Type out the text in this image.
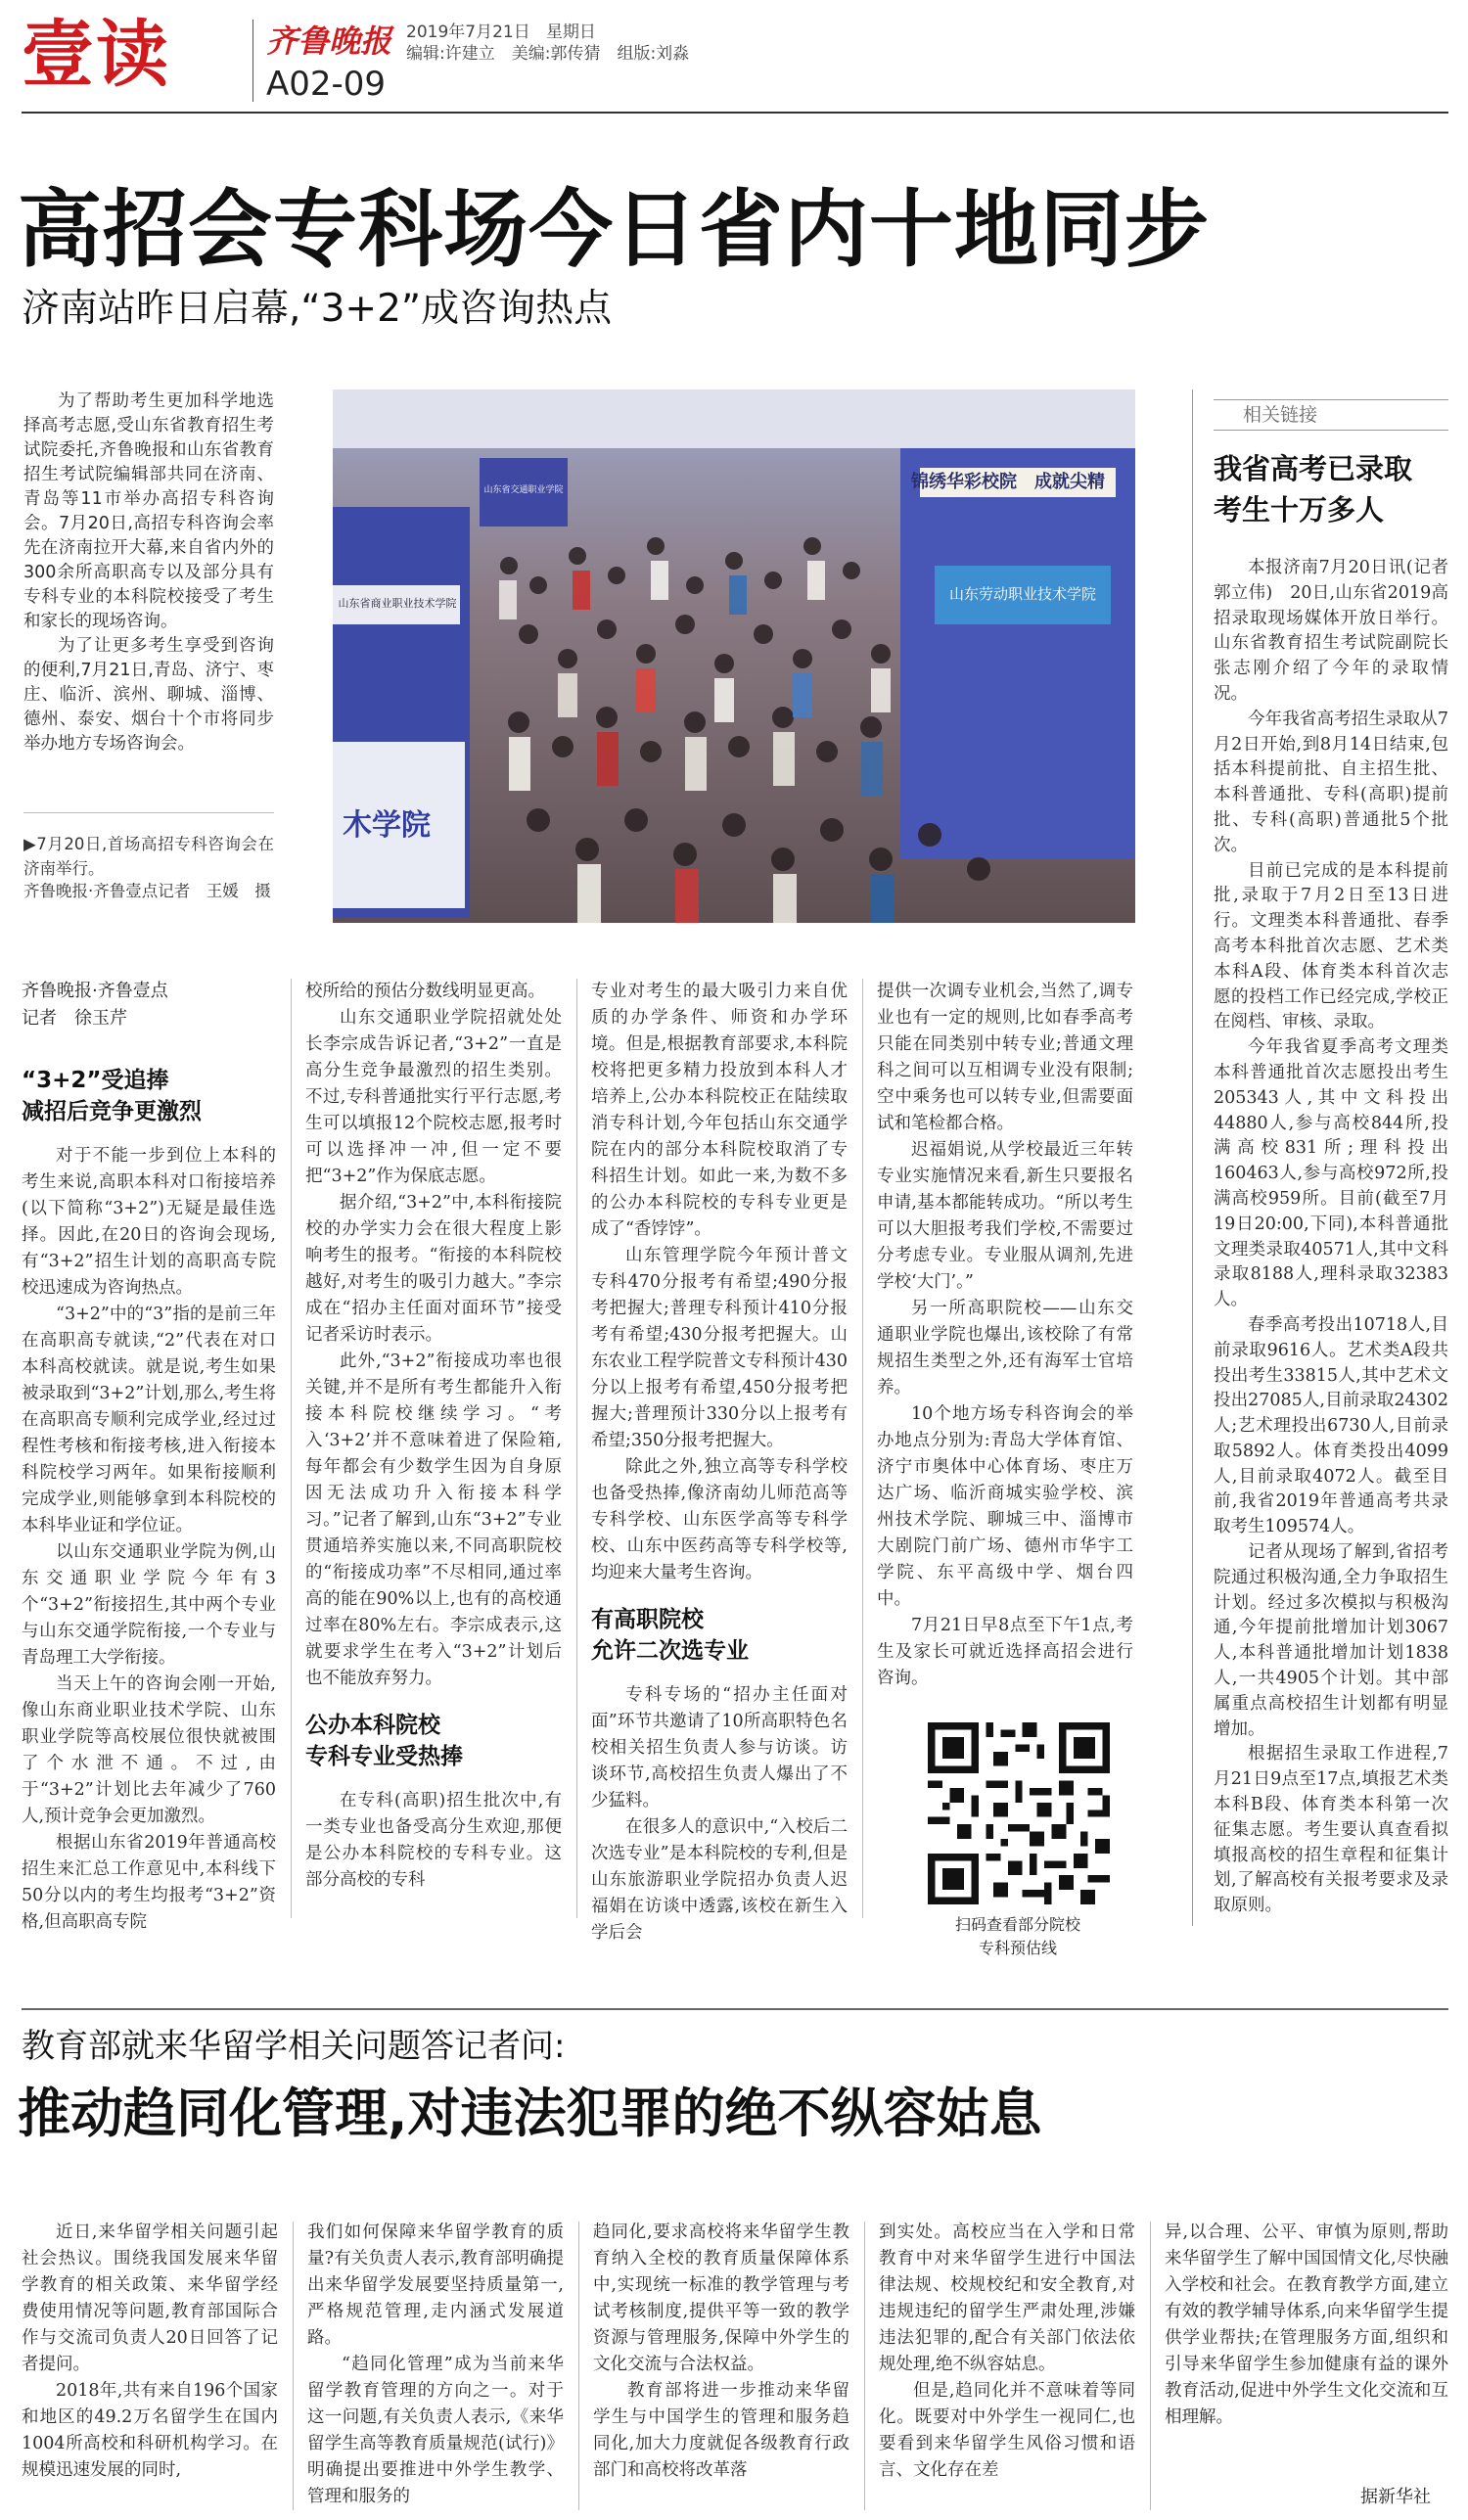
壹读	齐鲁晚报
A02-09
2019年7月21日 星期日
编辑:许建立　美编:郭传猜　组版:刘淼
高招会专科场今日省内十地同步
济南站昨日启幕,“3+2”成咨询热点

为了帮助考生更加科学地选择高考志愿,受山东省教育招生考试院委托,齐鲁晚报和山东省教育招生考试院编辑部共同在济南、青岛等11市举办高招专科咨询会。7月20日,高招专科咨询会率先在济南拉开大幕,来自省内外的300余所高职高专以及部分具有专科专业的本科院校接受了考生和家长的现场咨询。

为了让更多考生享受到咨询的便利,7月21日,青岛、济宁、枣庄、临沂、滨州、聊城、淄博、德州、泰安、烟台十个市将同步举办地方专场咨询会。

▶7月20日,首场高招专科咨询会在济南举行。
齐鲁晚报·齐鲁壹点记者　王媛　摄
锦绣华彩校院　成就尖精
山东劳动职业技术学院
山东省商业职业技术学院
木学院
山东省交通职业学院
相关链接
我省高考已录取
考生十万多人

本报济南7月20日讯(记者　郭立伟)　20日,山东省2019高招录取现场媒体开放日举行。山东省教育招生考试院副院长张志刚介绍了今年的录取情况。

今年我省高考招生录取从7月2日开始,到8月14日结束,包括本科提前批、自主招生批、本科普通批、专科(高职)提前批、专科(高职)普通批5个批次。

目前已完成的是本科提前批,录取于7月2日至13日进行。文理类本科普通批、春季高考本科批首次志愿、艺术类本科A段、体育类本科首次志愿的投档工作已经完成,学校正在阅档、审核、录取。

今年我省夏季高考文理类本科普通批首次志愿投出考生205343人,其中文科投出44880人,参与高校844所,投满高校831所;理科投出160463人,参与高校972所,投满高校959所。目前(截至7月19日20:00,下同),本科普通批文理类录取40571人,其中文科录取8188人,理科录取32383人。

春季高考投出10718人,目前录取9616人。艺术类A段共投出考生33815人,其中艺术文投出27085人,目前录取24302人;艺术理投出6730人,目前录取5892人。体育类投出4099人,目前录取4072人。截至目前,我省2019年普通高考共录取考生109574人。

记者从现场了解到,省招考院通过积极沟通,全力争取招生计划。经过多次模拟与积极沟通,今年提前批增加计划3067人,本科普通批增加计划1838人,一共4905个计划。其中部属重点高校招生计划都有明显增加。

根据招生录取工作进程,7月21日9点至17点,填报艺术类本科B段、体育类本科第一次征集志愿。考生要认真查看拟填报高校的招生章程和征集计划,了解高校有关报考要求及录取原则。

齐鲁晚报·齐鲁壹点
记者　徐玉芹
“3+2”受追捧
减招后竞争更激烈

对于不能一步到位上本科的考生来说,高职本科对口衔接培养(以下简称“3+2”)无疑是最佳选择。因此,在20日的咨询会现场,有“3+2”招生计划的高职高专院校迅速成为咨询热点。

“3+2”中的“3”指的是前三年在高职高专就读,“2”代表在对口本科高校就读。就是说,考生如果被录取到“3+2”计划,那么,考生将在高职高专顺利完成学业,经过过程性考核和衔接考核,进入衔接本科院校学习两年。如果衔接顺利完成学业,则能够拿到本科院校的本科毕业证和学位证。

以山东交通职业学院为例,山东交通职业学院今年有3个“3+2”衔接招生,其中两个专业与山东交通学院衔接,一个专业与青岛理工大学衔接。

当天上午的咨询会刚一开始,像山东商业职业技术学院、山东职业学院等高校展位很快就被围了个水泄不通。不过,由于“3+2”计划比去年减少了760人,预计竞争会更加激烈。

根据山东省2019年普通高校招生来汇总工作意见中,本科线下50分以内的考生均报考“3+2”资格,但高职高专院

校所给的预估分数线明显更高。

山东交通职业学院招就处处长李宗成告诉记者,“3+2”一直是高分生竞争最激烈的招生类别。不过,专科普通批实行平行志愿,考生可以填报12个院校志愿,报考时可以选择冲一冲,但一定不要把“3+2”作为保底志愿。

据介绍,“3+2”中,本科衔接院校的办学实力会在很大程度上影响考生的报考。“衔接的本科院校越好,对考生的吸引力越大。”李宗成在“招办主任面对面环节”接受记者采访时表示。

此外,“3+2”衔接成功率也很关键,并不是所有考生都能升入衔接本科院校继续学习。“考入‘3+2’并不意味着进了保险箱,每年都会有少数学生因为自身原因无法成功升入衔接本科学习。”记者了解到,山东“3+2”专业贯通培养实施以来,不同高职院校的“衔接成功率”不尽相同,通过率高的能在90%以上,也有的高校通过率在80%左右。李宗成表示,这就要求学生在考入“3+2”计划后也不能放弃努力。

公办本科院校
专科专业受热捧

在专科(高职)招生批次中,有一类专业也备受高分生欢迎,那便是公办本科院校的专科专业。这部分高校的专科

专业对考生的最大吸引力来自优质的办学条件、师资和办学环境。但是,根据教育部要求,本科院校将把更多精力投放到本科人才培养上,公办本科院校正在陆续取消专科计划,今年包括山东交通学院在内的部分本科院校取消了专科招生计划。如此一来,为数不多的公办本科院校的专科专业更是成了“香饽饽”。

山东管理学院今年预计普文专科470分报考有希望;490分报考把握大;普理专科预计410分报考有希望;430分报考把握大。山东农业工程学院普文专科预计430分以上报考有希望,450分报考把握大;普理预计330分以上报考有希望;350分报考把握大。

除此之外,独立高等专科学校也备受热捧,像济南幼儿师范高等专科学校、山东医学高等专科学校、山东中医药高等专科学校等,均迎来大量考生咨询。

有高职院校
允许二次选专业

专科专场的“招办主任面对面”环节共邀请了10所高职特色名校相关招生负责人参与访谈。访谈环节,高校招生负责人爆出了不少猛料。

在很多人的意识中,“入校后二次选专业”是本科院校的专利,但是山东旅游职业学院招办负责人迟福娟在访谈中透露,该校在新生入学后会

提供一次调专业机会,当然了,调专业也有一定的规则,比如春季高考只能在同类别中转专业;普通文理科之间可以互相调专业没有限制;空中乘务也可以转专业,但需要面试和笔检都合格。

迟福娟说,从学校最近三年转专业实施情况来看,新生只要报名申请,基本都能转成功。“所以考生可以大胆报考我们学校,不需要过分考虑专业。专业服从调剂,先进学校‘大门’。”

另一所高职院校——山东交通职业学院也爆出,该校除了有常规招生类型之外,还有海军士官培养。

10个地方场专科咨询会的举办地点分别为:青岛大学体育馆、济宁市奥体中心体育场、枣庄万达广场、临沂商城实验学校、滨州技术学院、聊城三中、淄博市大剧院门前广场、德州市华宇工学院、东平高级中学、烟台四中。

7月21日早8点至下午1点,考生及家长可就近选择高招会进行咨询。

扫码查看部分院校
专科预估线
教育部就来华留学相关问题答记者问:
推动趋同化管理,对违法犯罪的绝不纵容姑息

近日,来华留学相关问题引起社会热议。围绕我国发展来华留学教育的相关政策、来华留学经费使用情况等问题,教育部国际合作与交流司负责人20日回答了记者提问。

2018年,共有来自196个国家和地区的49.2万名留学生在国内1004所高校和科研机构学习。在规模迅速发展的同时,

我们如何保障来华留学教育的质量?有关负责人表示,教育部明确提出来华留学发展要坚持质量第一,严格规范管理,走内涵式发展道路。

“趋同化管理”成为当前来华留学教育管理的方向之一。对于这一问题,有关负责人表示,《来华留学生高等教育质量规范(试行)》明确提出要推进中外学生教学、管理和服务的

趋同化,要求高校将来华留学生教育纳入全校的教育质量保障体系中,实现统一标准的教学管理与考试考核制度,提供平等一致的教学资源与管理服务,保障中外学生的文化交流与合法权益。

教育部将进一步推动来华留学生与中国学生的管理和服务趋同化,加大力度就促各级教育行政部门和高校将改革落

到实处。高校应当在入学和日常教育中对来华留学生进行中国法律法规、校规校纪和安全教育,对违规违纪的留学生严肃处理,涉嫌违法犯罪的,配合有关部门依法依规处理,绝不纵容姑息。

但是,趋同化并不意味着等同化。既要对中外学生一视同仁,也要看到来华留学生风俗习惯和语言、文化存在差

异,以合理、公平、审慎为原则,帮助来华留学生了解中国国情文化,尽快融入学校和社会。在教育教学方面,建立有效的教学辅导体系,向来华留学生提供学业帮扶;在管理服务方面,组织和引导来华留学生参加健康有益的课外教育活动,促进中外学生文化交流和互相理解。

据新华社
